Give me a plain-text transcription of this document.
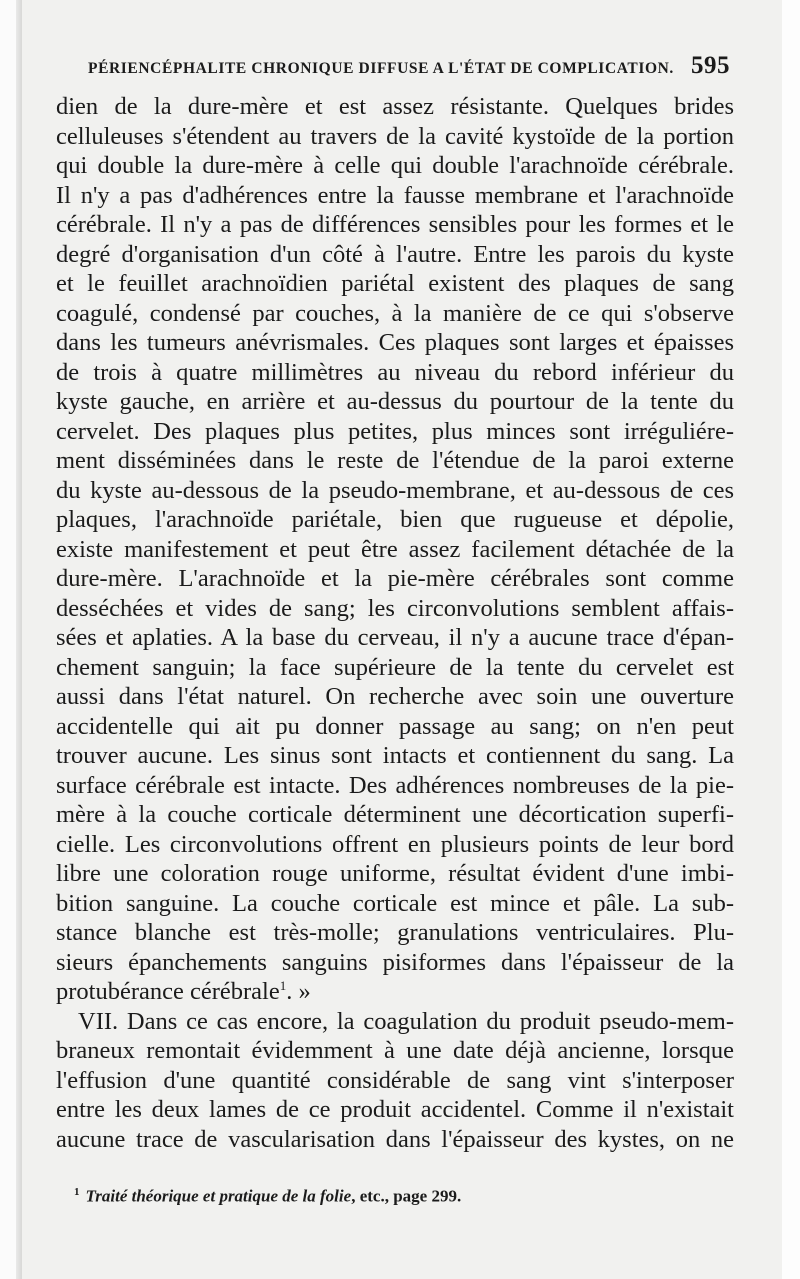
PÉRIENCÉPHALITE CHRONIQUE DIFFUSE A L'ÉTAT DE COMPLICATION. 595
dien de la dure-mère et est assez résistante. Quelques brides
celluleuses s'étendent au travers de la cavité kystoïde de la portion
qui double la dure-mère à celle qui double l'arachnoïde cérébrale.
Il n'y a pas d'adhérences entre la fausse membrane et l'arachnoïde
cérébrale. Il n'y a pas de différences sensibles pour les formes et le
degré d'organisation d'un côté à l'autre. Entre les parois du kyste
et le feuillet arachnoïdien pariétal existent des plaques de sang
coagulé, condensé par couches, à la manière de ce qui s'observe
dans les tumeurs anévrismales. Ces plaques sont larges et épaisses
de trois à quatre millimètres au niveau du rebord inférieur du
kyste gauche, en arrière et au-dessus du pourtour de la tente du
cervelet. Des plaques plus petites, plus minces sont irréguliére-
ment disséminées dans le reste de l'étendue de la paroi externe
du kyste au-dessous de la pseudo-membrane, et au-dessous de ces
plaques, l'arachnoïde pariétale, bien que rugueuse et dépolie,
existe manifestement et peut être assez facilement détachée de la
dure-mère. L'arachnoïde et la pie-mère cérébrales sont comme
desséchées et vides de sang; les circonvolutions semblent affais-
sées et aplaties. A la base du cerveau, il n'y a aucune trace d'épan-
chement sanguin; la face supérieure de la tente du cervelet est
aussi dans l'état naturel. On recherche avec soin une ouverture
accidentelle qui ait pu donner passage au sang; on n'en peut
trouver aucune. Les sinus sont intacts et contiennent du sang. La
surface cérébrale est intacte. Des adhérences nombreuses de la pie-
mère à la couche corticale déterminent une décortication superfi-
cielle. Les circonvolutions offrent en plusieurs points de leur bord
libre une coloration rouge uniforme, résultat évident d'une imbi-
bition sanguine. La couche corticale est mince et pâle. La sub-
stance blanche est très-molle; granulations ventriculaires. Plu-
sieurs épanchements sanguins pisiformes dans l'épaisseur de la
protubérance cérébrale$^1$. »
VII. Dans ce cas encore, la coagulation du produit pseudo-mem-
braneux remontait évidemment à une date déjà ancienne, lorsque
l'effusion d'une quantité considérable de sang vint s'interposer
entre les deux lames de ce produit accidentel. Comme il n'existait
aucune trace de vascularisation dans l'épaisseur des kystes, on ne
$^1$ Traité théorique et pratique de la folie, etc., page 299.
